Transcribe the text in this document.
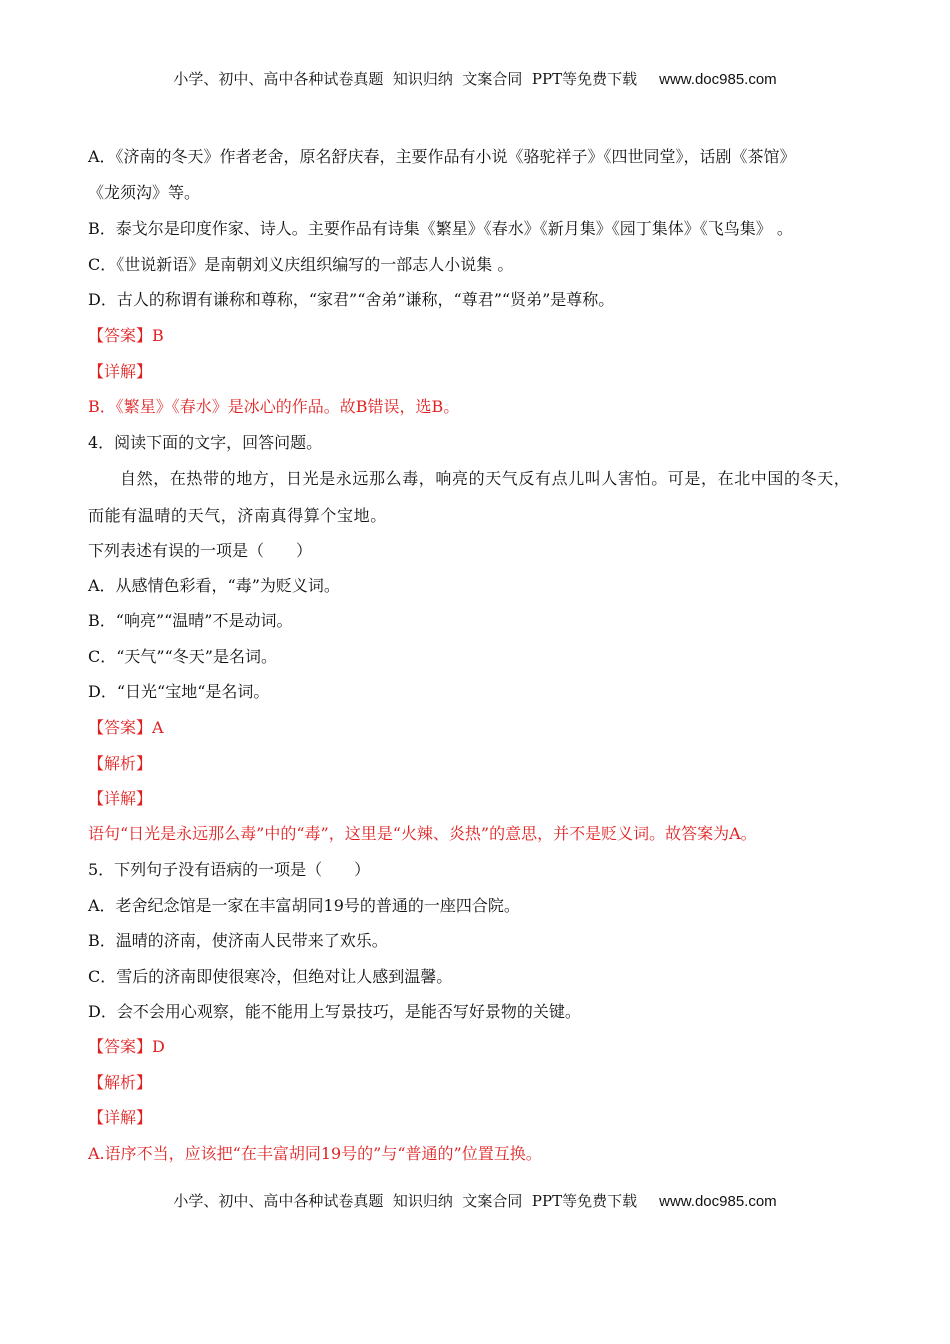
小学、初中、高中各种试卷真题  知识归纳  文案合同  PPT等免费下载 www.doc985.com
A．《济南的冬天》作者老舍，原名舒庆春，主要作品有小说《骆驼祥子》《四世同堂》，话剧《茶馆》
《龙须沟》等。
B．泰戈尔是印度作家、诗人。主要作品有诗集《繁星》《春水》《新月集》《园丁集体》《飞鸟集》 。
C．《世说新语》是南朝刘义庆组织编写的一部志人小说集 。
D．古人的称谓有谦称和尊称，“家君”“舍弟”谦称，“尊君”“贤弟”是尊称。
【答案】B
【详解】
B．《繁星》《春水》是冰心的作品。故B错误，选B。
4．阅读下面的文字，回答问题。
自然，在热带的地方，日光是永远那么毒，响亮的天气反有点儿叫人害怕。可是，在北中国的冬天，
而能有温晴的天气，济南真得算个宝地。
下列表述有误的一项是（　　）
A．从感情色彩看，“毒”为贬义词。
B．“响亮”“温晴”不是动词。
C．“天气”“冬天”是名词。
D．“日光“宝地“是名词。
【答案】A
【解析】
【详解】
语句“日光是永远那么毒”中的“毒”，这里是“火辣、炎热”的意思，并不是贬义词。故答案为A。
5．下列句子没有语病的一项是（　　）
A．老舍纪念馆是一家在丰富胡同19号的普通的一座四合院。
B．温晴的济南，使济南人民带来了欢乐。
C．雪后的济南即使很寒冷，但绝对让人感到温馨。
D．会不会用心观察，能不能用上写景技巧，是能否写好景物的关键。
【答案】D
【解析】
【详解】
A.语序不当，应该把“在丰富胡同19号的”与“普通的”位置互换。
小学、初中、高中各种试卷真题  知识归纳  文案合同  PPT等免费下载 www.doc985.com
